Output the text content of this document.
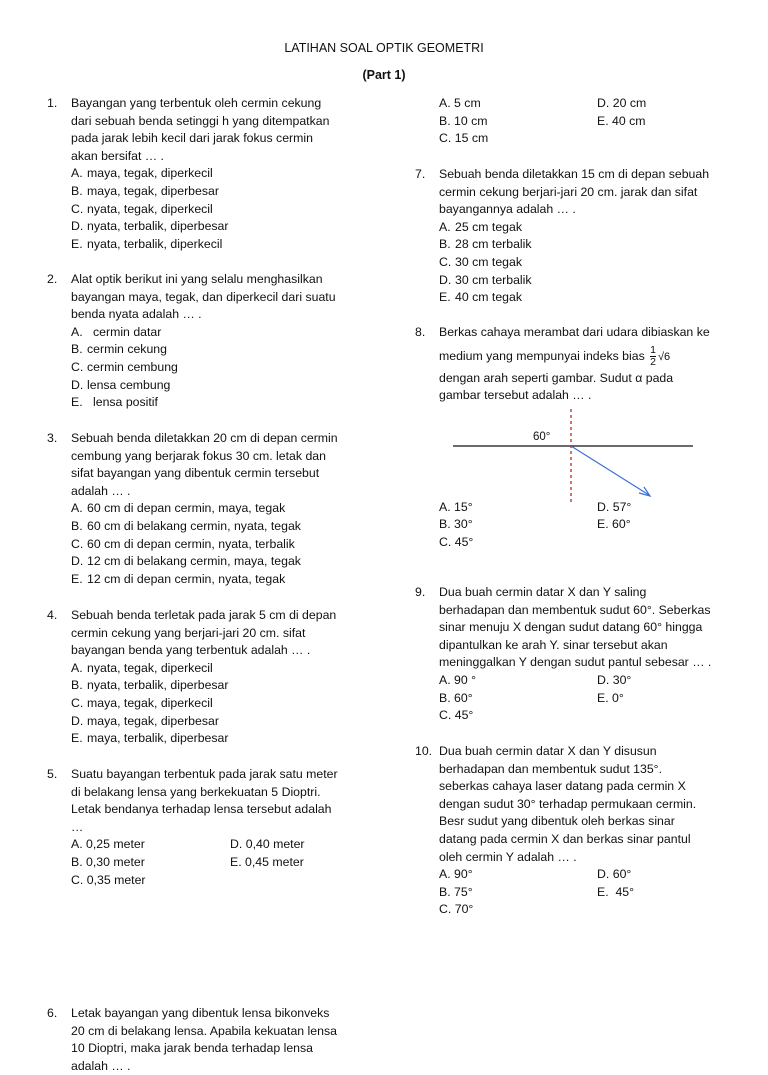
LATIHAN SOAL OPTIK GEOMETRI
(Part 1)
1. Bayangan yang terbentuk oleh cermin cekung
dari sebuah benda setinggi h yang ditempatkan
pada jarak lebih kecil dari jarak fokus cermin
akan bersifat … .
A. maya, tegak, diperkecil
B. maya, tegak, diperbesar
C. nyata, tegak, diperkecil
D. nyata, terbalik, diperbesar
E. nyata, terbalik, diperkecil
2. Alat optik berikut ini yang selalu menghasilkan
bayangan maya, tegak, dan diperkecil dari suatu
benda nyata adalah … .
A. cermin datar
B. cermin cekung
C. cermin cembung
D. lensa cembung
E. lensa positif
3. Sebuah benda diletakkan 20 cm di depan cermin
cembung yang berjarak fokus 30 cm. letak dan
sifat bayangan yang dibentuk cermin tersebut
adalah … .
A. 60 cm di depan cermin, maya, tegak
B. 60 cm di belakang cermin, nyata, tegak
C. 60 cm di depan cermin, nyata, terbalik
D. 12 cm di belakang cermin, maya, tegak
E. 12 cm di depan cermin, nyata, tegak
4. Sebuah benda terletak pada jarak 5 cm di depan
cermin cekung yang berjari-jari 20 cm. sifat
bayangan benda yang terbentuk adalah … .
A. nyata, tegak, diperkecil
B. nyata, terbalik, diperbesar
C. maya, tegak, diperkecil
D. maya, tegak, diperbesar
E. maya, terbalik, diperbesar
5. Suatu bayangan terbentuk pada jarak satu meter
di belakang lensa yang berkekuatan 5 Dioptri.
Letak bendanya terhadap lensa tersebut adalah
…
A. 0,25 meter	D. 0,40 meter
B. 0,30 meter	E. 0,45 meter
C. 0,35 meter
6. Letak bayangan yang dibentuk lensa bikonveks
20 cm di belakang lensa. Apabila kekuatan lensa
10 Dioptri, maka jarak benda terhadap lensa
adalah … .
A. 5 cm	D. 20 cm
B. 10 cm	E. 40 cm
C. 15 cm
7. Sebuah benda diletakkan 15 cm di depan sebuah
cermin cekung berjari-jari 20 cm. jarak dan sifat
bayangannya adalah … .
A. 25 cm tegak
B. 28 cm terbalik
C. 30 cm tegak
D. 30 cm terbalik
E. 40 cm tegak
8. Berkas cahaya merambat dari udara dibiaskan ke
medium yang mempunyai indeks bias $\frac{1}{2} √6$
dengan arah seperti gambar. Sudut α pada
gambar tersebut adalah … .
60°
A. 15°	D. 57°
B. 30°	E. 60°
C. 45°
9. Dua buah cermin datar X dan Y saling
berhadapan dan membentuk sudut 60°. Seberkas
sinar menuju X dengan sudut datang 60° hingga
dipantulkan ke arah Y. sinar tersebut akan
meninggalkan Y dengan sudut pantul sebesar … .
A. 90 °	D. 30°
B. 60°	E. 0°
C. 45°
10. Dua buah cermin datar X dan Y disusun
berhadapan dan membentuk sudut 135°.
seberkas cahaya laser datang pada cermin X
dengan sudut 30° terhadap permukaan cermin.
Besr sudut yang dibentuk oleh berkas sinar
datang pada cermin X dan berkas sinar pantul
oleh cermin Y adalah … .
A. 90°	D. 60°
B. 75°	E.  45°
C. 70°
